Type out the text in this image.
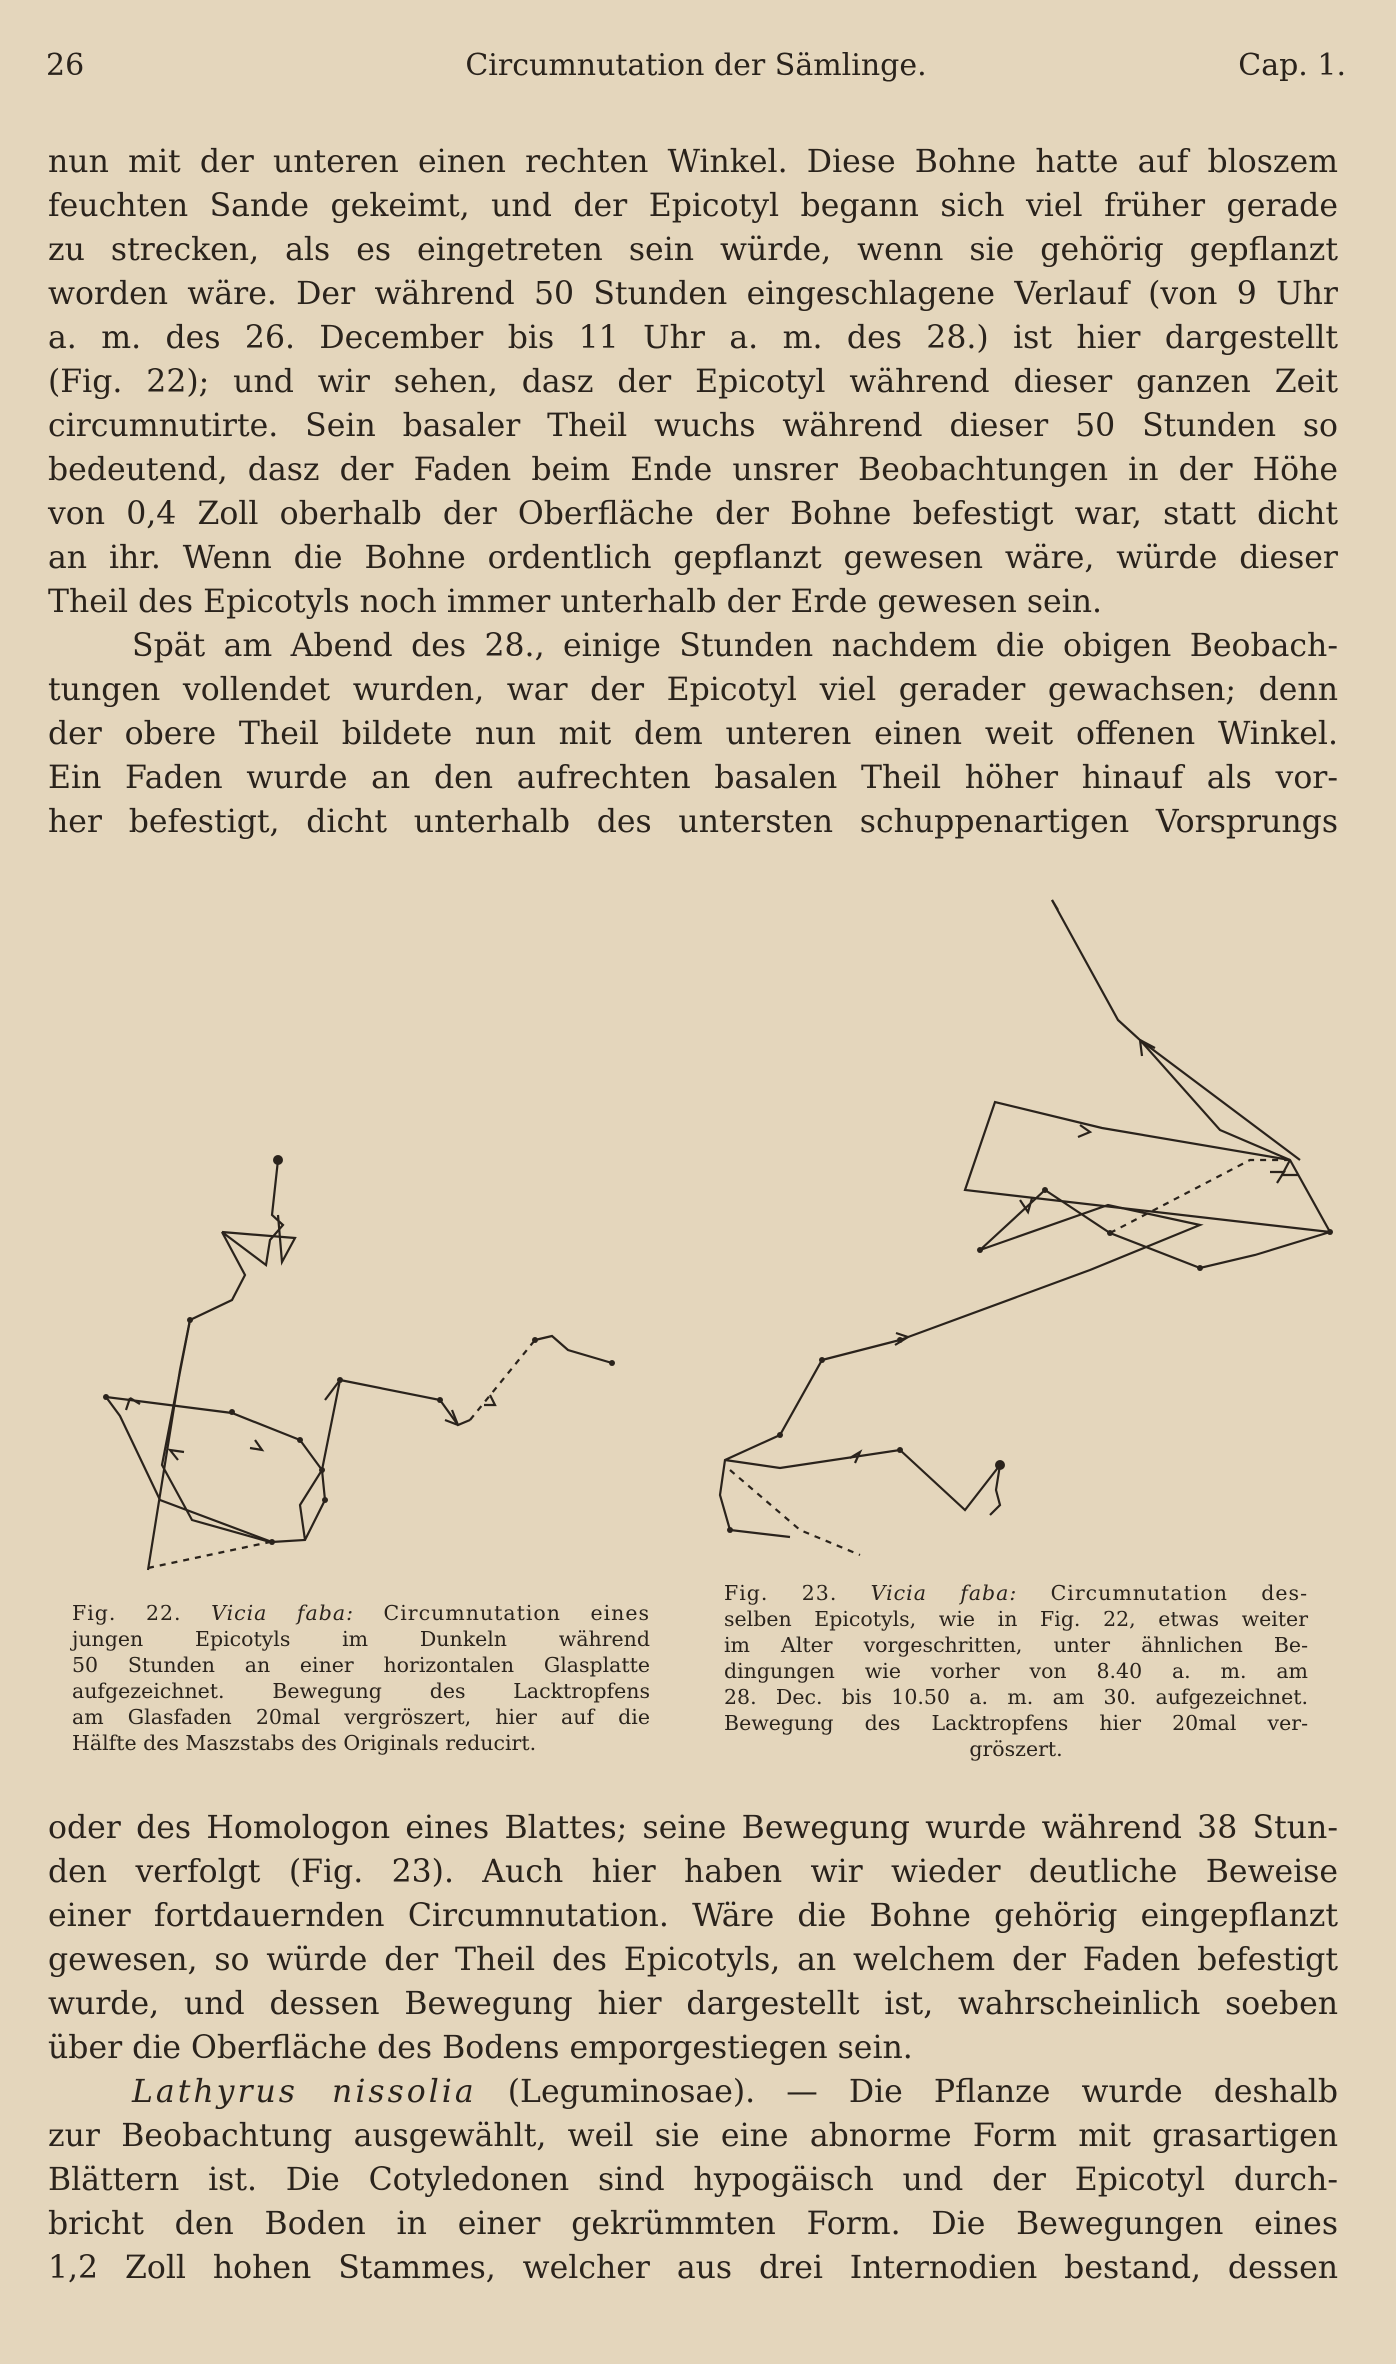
26	Circumnutation der Sämlinge.	Cap. 1.

nun mit der unteren einen rechten Winkel. Diese Bohne hatte auf bloszem

feuchten Sande gekeimt, und der Epicotyl begann sich viel früher gerade

zu strecken, als es eingetreten sein würde, wenn sie gehörig gepflanzt

worden wäre. Der während 50 Stunden eingeschlagene Verlauf (von 9 Uhr

a. m. des 26. December bis 11 Uhr a. m. des 28.) ist hier dargestellt

(Fig. 22); und wir sehen, dasz der Epicotyl während dieser ganzen Zeit

circumnutirte. Sein basaler Theil wuchs während dieser 50 Stunden so

bedeutend, dasz der Faden beim Ende unsrer Beobachtungen in der Höhe

von 0,4 Zoll oberhalb der Oberfläche der Bohne befestigt war, statt dicht

an ihr. Wenn die Bohne ordentlich gepflanzt gewesen wäre, würde dieser

Theil des Epicotyls noch immer unterhalb der Erde gewesen sein.

Spät am Abend des 28., einige Stunden nachdem die obigen Beobach-

tungen vollendet wurden, war der Epicotyl viel gerader gewachsen; denn

der obere Theil bildete nun mit dem unteren einen weit offenen Winkel.

Ein Faden wurde an den aufrechten basalen Theil höher hinauf als vor-

her befestigt, dicht unterhalb des untersten schuppenartigen Vorsprungs

Fig. 22. Vicia faba: Circumnutation eines
jungen Epicotyls im Dunkeln während
50 Stunden an einer horizontalen Glasplatte
aufgezeichnet. Bewegung des Lacktropfens
am Glasfaden 20mal vergröszert, hier auf die
Hälfte des Maszstabs des Originals reducirt.
Fig. 23. Vicia faba: Circumnutation des-
selben Epicotyls, wie in Fig. 22, etwas weiter
im Alter vorgeschritten, unter ähnlichen Be-
dingungen wie vorher von 8.40 a. m. am
28. Dec. bis 10.50 a. m. am 30. aufgezeichnet.
Bewegung des Lacktropfens hier 20mal ver-
gröszert.

oder des Homologon eines Blattes; seine Bewegung wurde während 38 Stun-

den verfolgt (Fig. 23). Auch hier haben wir wieder deutliche Beweise

einer fortdauernden Circumnutation. Wäre die Bohne gehörig eingepflanzt

gewesen, so würde der Theil des Epicotyls, an welchem der Faden befestigt

wurde, und dessen Bewegung hier dargestellt ist, wahrscheinlich soeben

über die Oberfläche des Bodens emporgestiegen sein.

Lathyrus nissolia (Leguminosae). — Die Pflanze wurde deshalb

zur Beobachtung ausgewählt, weil sie eine abnorme Form mit grasartigen

Blättern ist. Die Cotyledonen sind hypogäisch und der Epicotyl durch-

bricht den Boden in einer gekrümmten Form. Die Bewegungen eines

1,2 Zoll hohen Stammes, welcher aus drei Internodien bestand, dessen
